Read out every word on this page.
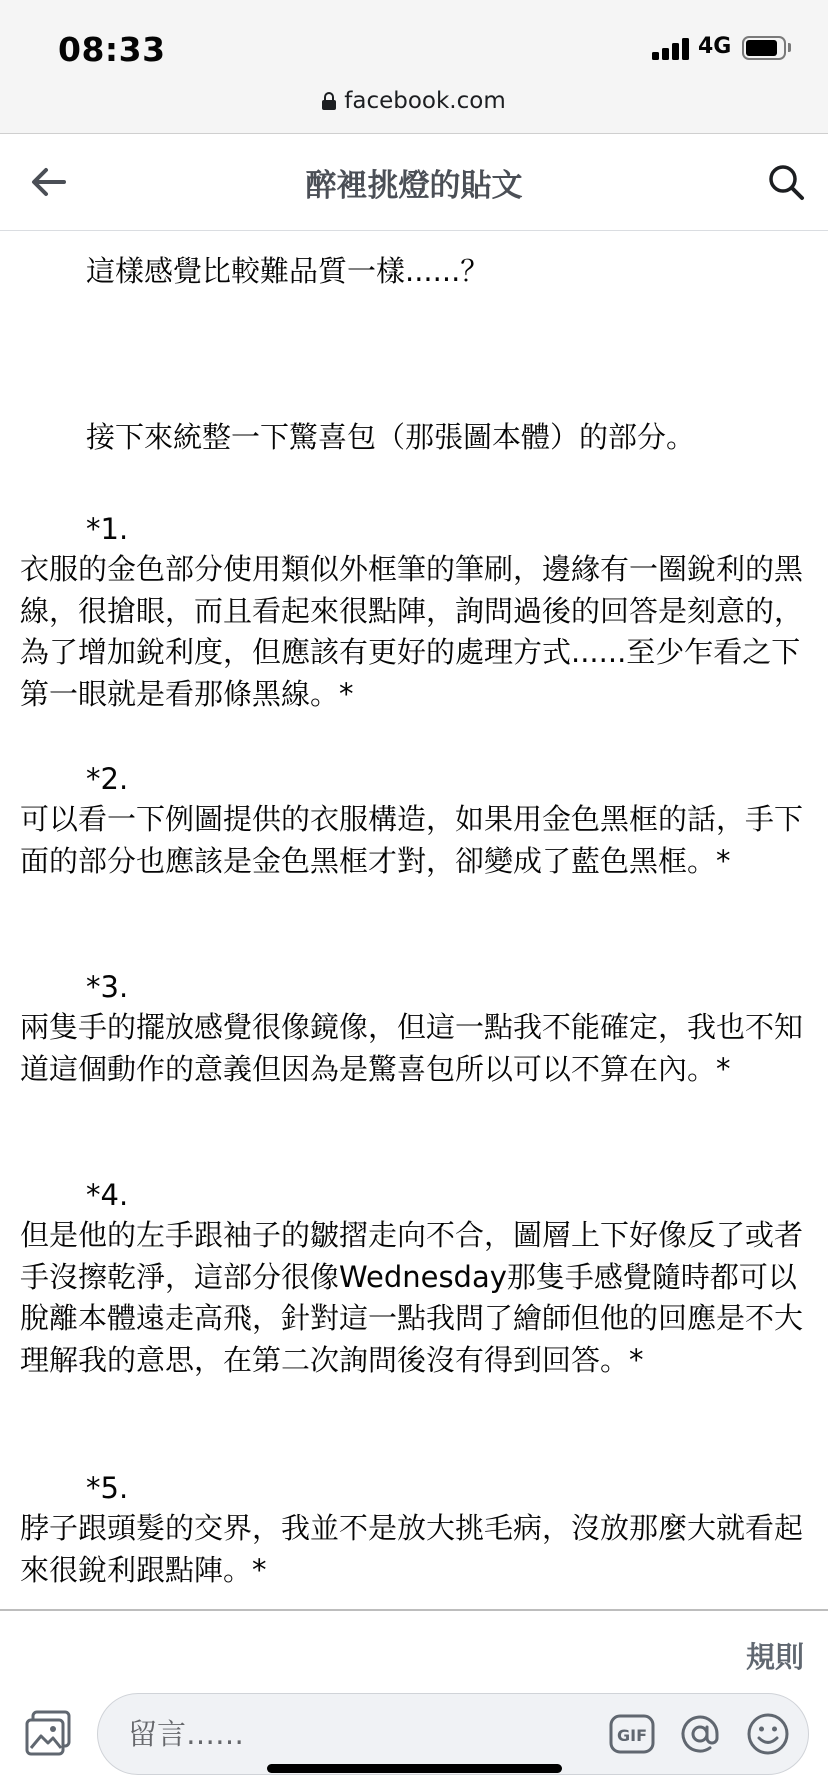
08:33	4G
facebook.com
醉裡挑燈的貼文
這樣感覺比較難品質一樣......？
接下來統整一下驚喜包（那張圖本體）的部分。
*1.
衣服的金色部分使用類似外框筆的筆刷，邊緣有一圈銳利的黑線，很搶眼，而且看起來很點陣，詢問過後的回答是刻意的，為了增加銳利度，但應該有更好的處理方式......至少乍看之下第一眼就是看那條黑線。*
*2.
可以看一下例圖提供的衣服構造，如果用金色黑框的話，手下面的部分也應該是金色黑框才對，卻變成了藍色黑框。*
*3.
兩隻手的擺放感覺很像鏡像，但這一點我不能確定，我也不知道這個動作的意義但因為是驚喜包所以可以不算在內。*
*4.
但是他的左手跟袖子的皺摺走向不合，圖層上下好像反了或者手沒擦乾淨，這部分很像Wednesday那隻手感覺隨時都可以脫離本體遠走高飛，針對這一點我問了繪師但他的回應是不大理解我的意思，在第二次詢問後沒有得到回答。*
*5.
脖子跟頭髮的交界，我並不是放大挑毛病，沒放那麼大就看起來很銳利跟點陣。*
規則
留言……
GIF
